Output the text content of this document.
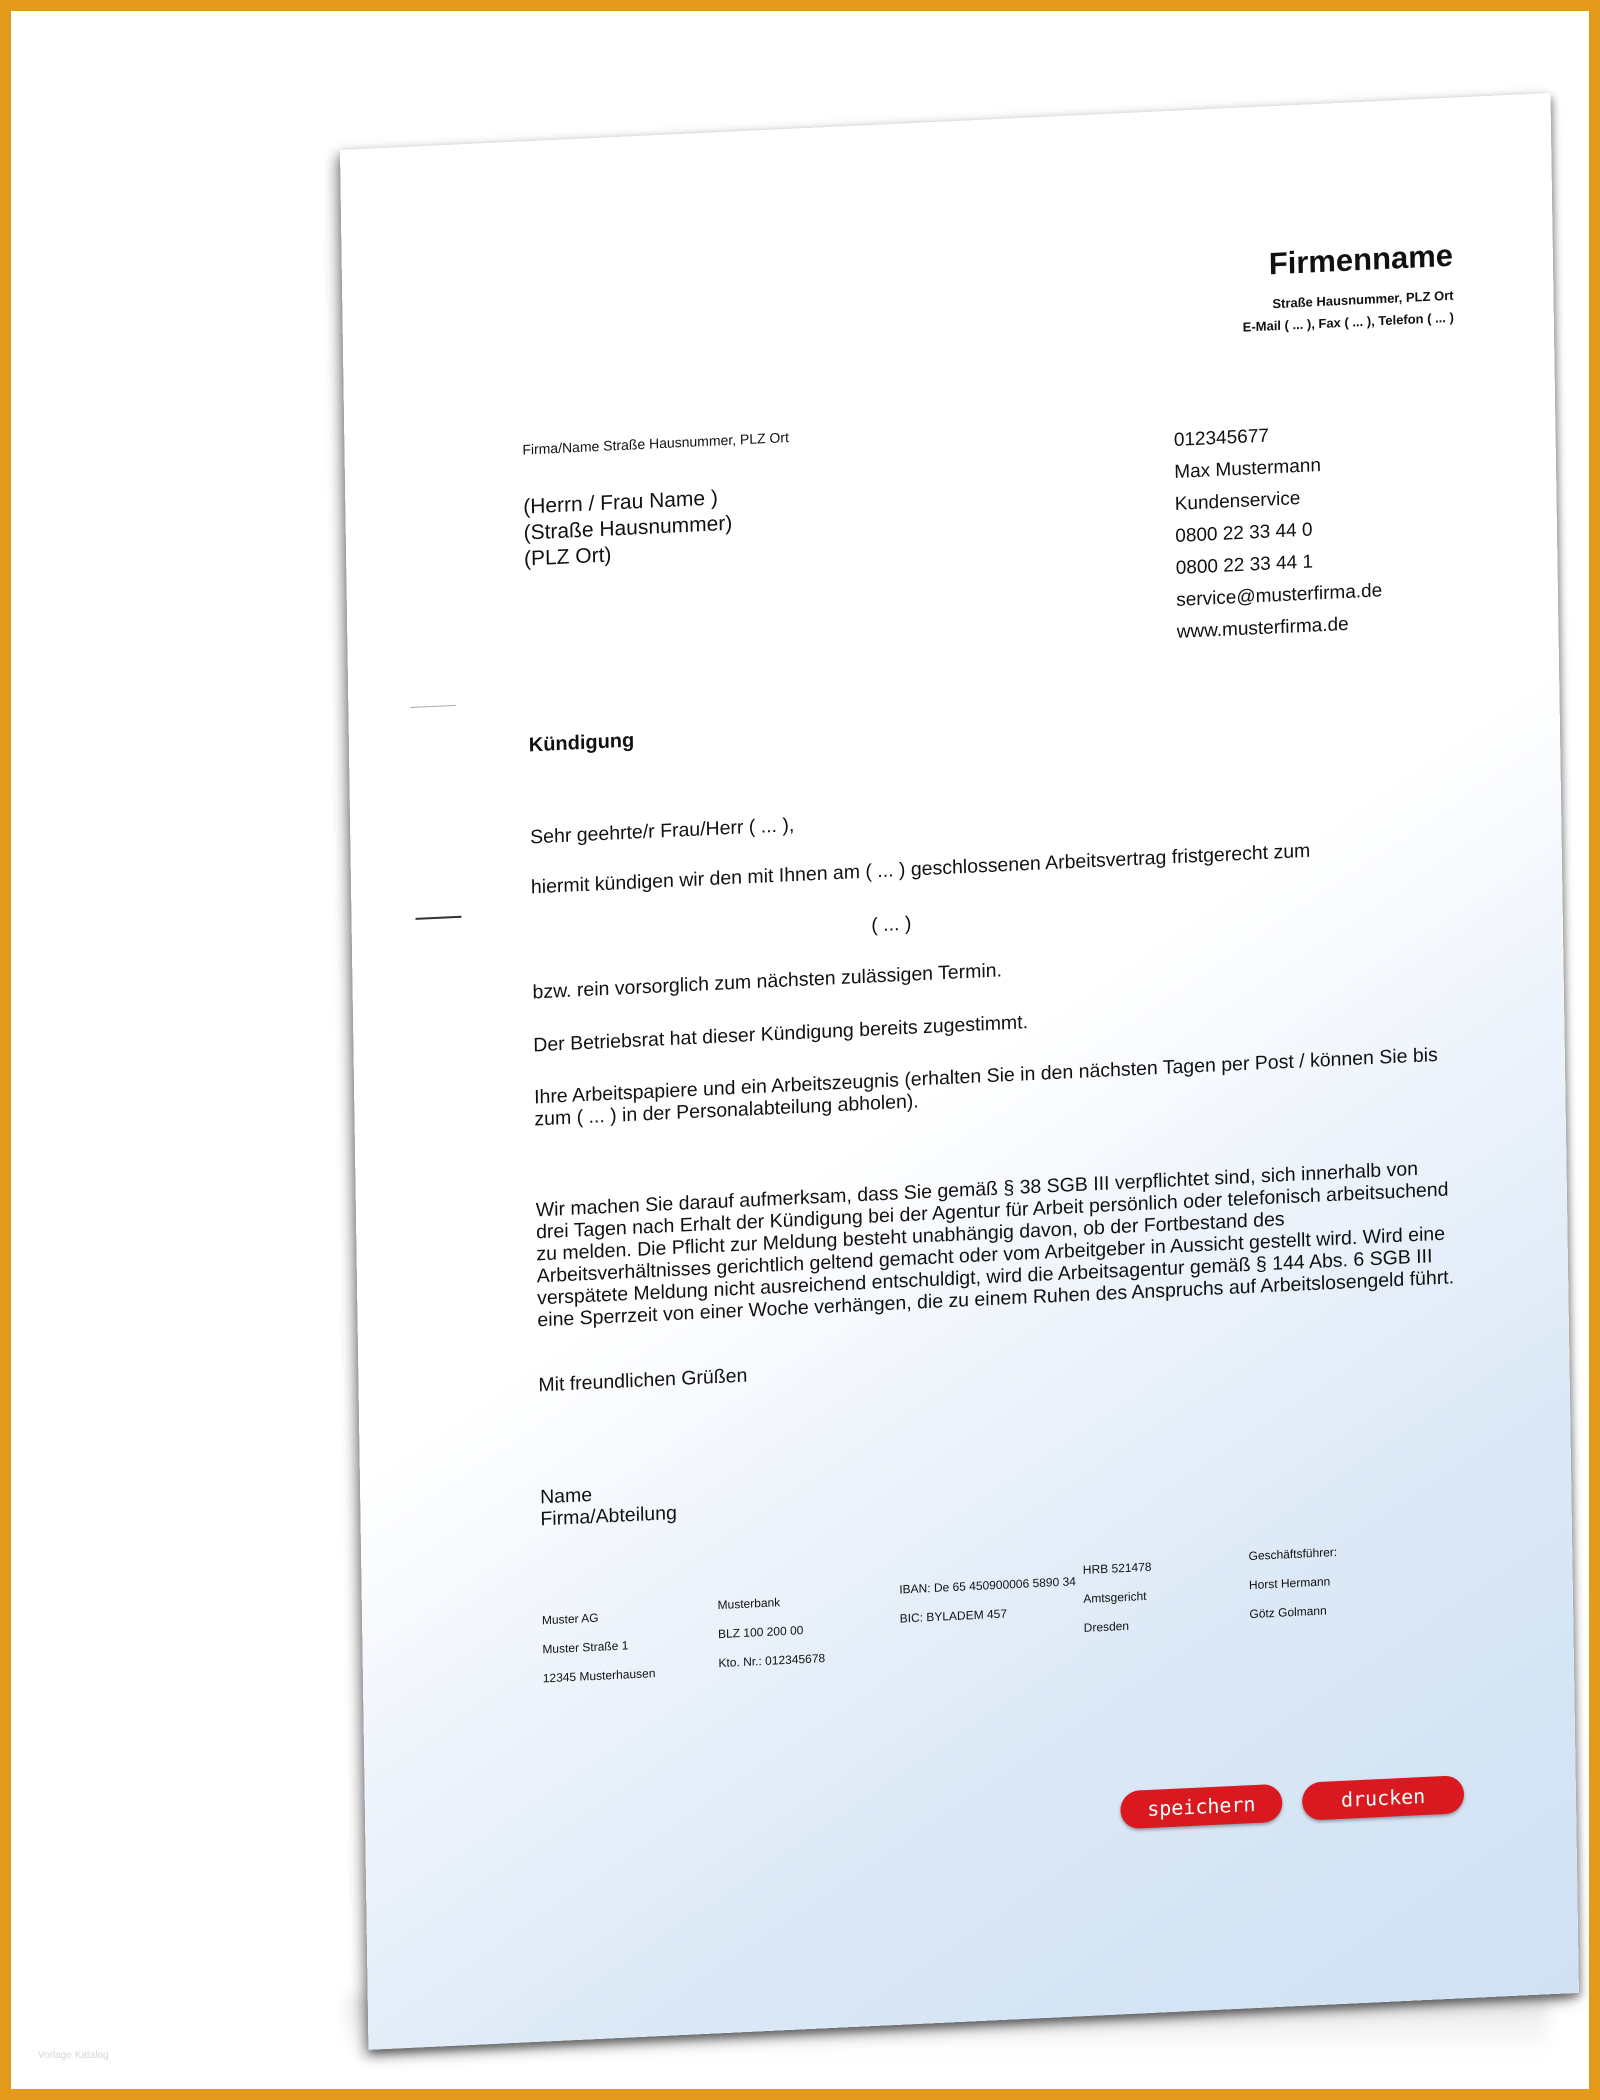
Firmenname
Straße Hausnummer, PLZ Ort
E-Mail ( ... ), Fax ( ... ), Telefon ( ... )
Firma/Name Straße Hausnummer, PLZ Ort
(Herrn / Frau Name )
(Straße Hausnummer)
(PLZ Ort)
012345677
Max Mustermann
Kundenservice
0800 22 33 44 0
0800 22 33 44 1
service@musterfirma.de
www.musterfirma.de
Kündigung
Sehr geehrte/r Frau/Herr ( ... ),
hiermit kündigen wir den mit Ihnen am ( ... ) geschlossenen Arbeitsvertrag fristgerecht zum
( ... )
bzw. rein vorsorglich zum nächsten zulässigen Termin.
Der Betriebsrat hat dieser Kündigung bereits zugestimmt.
Ihre Arbeitspapiere und ein Arbeitszeugnis (erhalten Sie in den nächsten Tagen per Post / können Sie bis zum ( ... ) in der Personalabteilung abholen).
Wir machen Sie darauf aufmerksam, dass Sie gemäß § 38 SGB III verpflichtet sind, sich innerhalb von drei Tagen nach Erhalt der Kündigung bei der Agentur für Arbeit persönlich oder telefonisch arbeitsuchend zu melden. Die Pflicht zur Meldung besteht unabhängig davon, ob der Fortbestand des Arbeitsverhältnisses gerichtlich geltend gemacht oder vom Arbeitgeber in Aussicht gestellt wird. Wird eine verspätete Meldung nicht ausreichend entschuldigt, wird die Arbeitsagentur gemäß § 144 Abs. 6 SGB III eine Sperrzeit von einer Woche verhängen, die zu einem Ruhen des Anspruchs auf Arbeitslosengeld führt.
Mit freundlichen Grüßen
Name
Firma/Abteilung
Muster AG
Muster Straße 1
12345 Musterhausen
Musterbank
BLZ 100 200 00
Kto. Nr.: 012345678
IBAN: De 65 450900006 5890 34
BIC: BYLADEM 457
HRB 521478
Amtsgericht
Dresden
Geschäftsführer:
Horst Hermann
Götz Golmann
speichern	drucken
Vorlage Katalog
